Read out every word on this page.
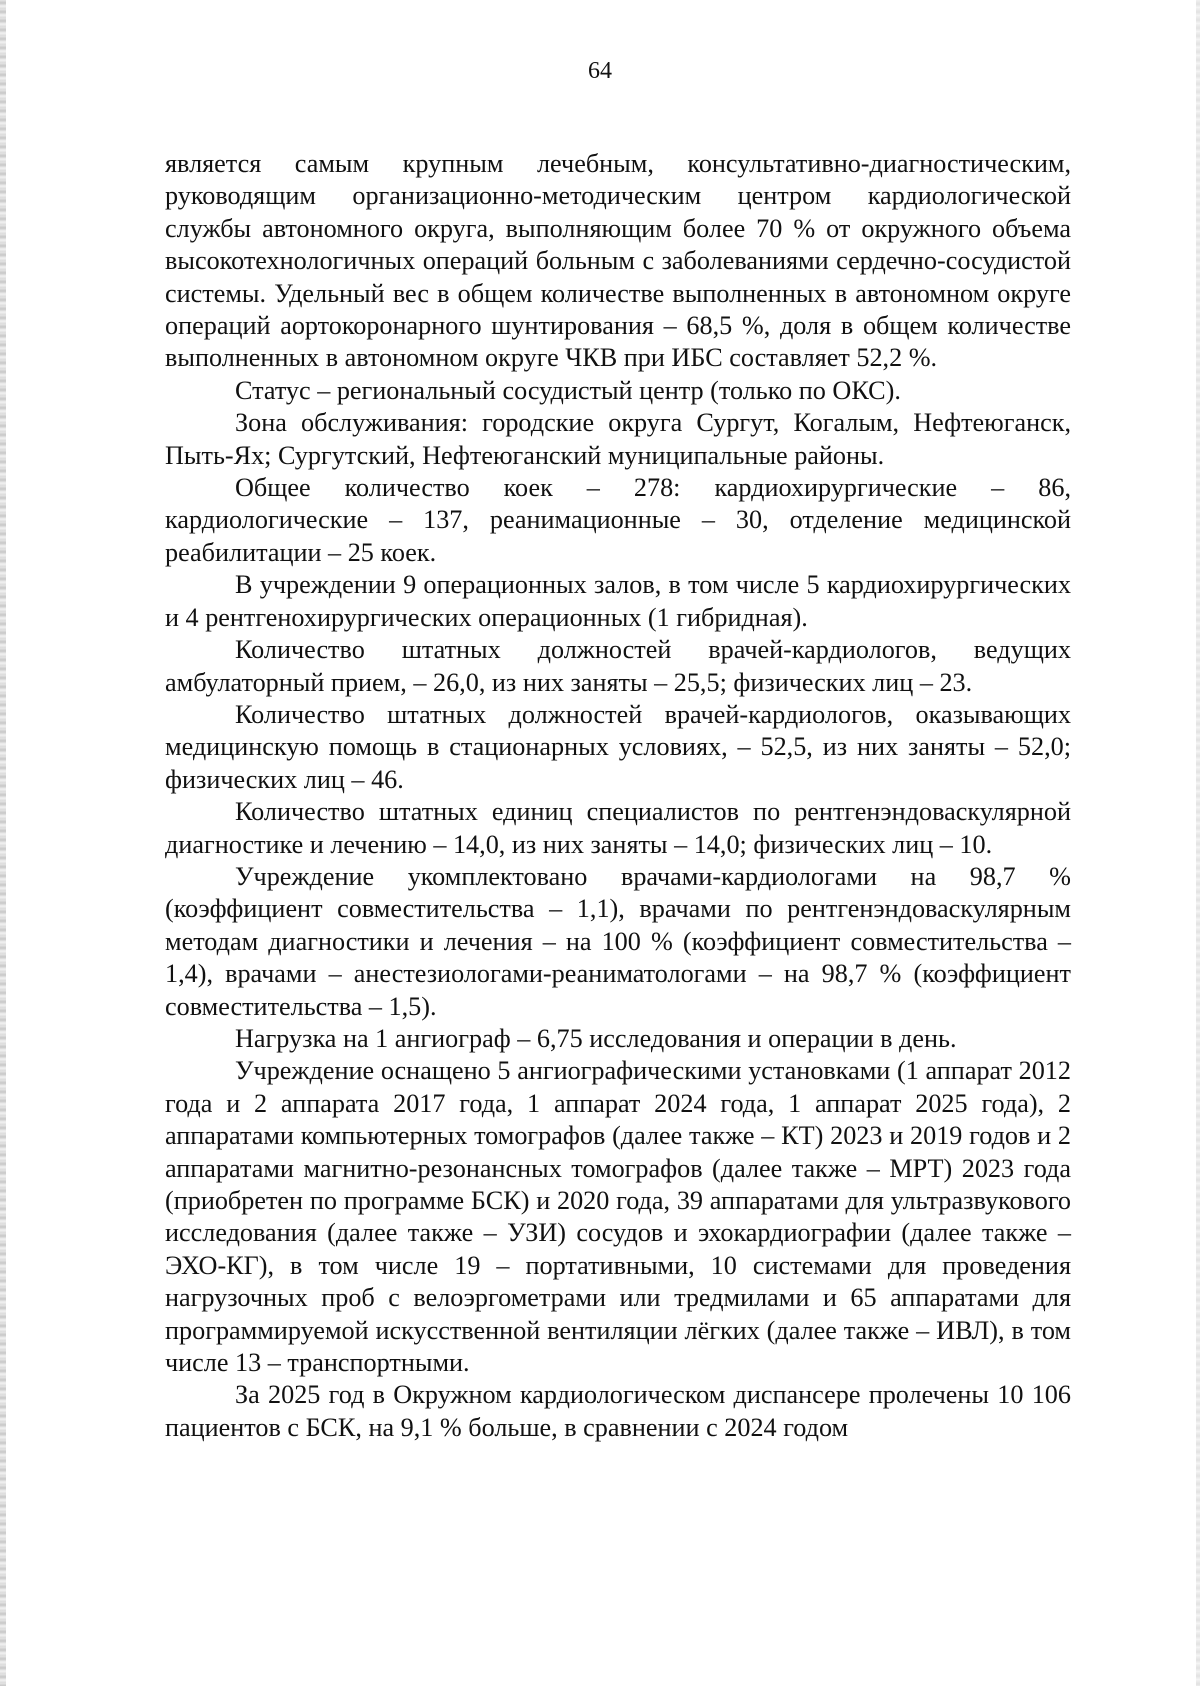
64

является самым крупным лечебным, консультативно-диагностическим, руководящим организационно-методическим центром кардиологической службы автономного округа, выполняющим более 70 % от окружного объема высокотехнологичных операций больным с заболеваниями сердечно-сосудистой системы. Удельный вес в общем количестве выполненных в автономном округе операций аортокоронарного шунтирования – 68,5 %, доля в общем количестве выполненных в автономном округе ЧКВ при ИБС составляет 52,2 %.

Статус – региональный сосудистый центр (только по ОКС).

Зона обслуживания: городские округа Сургут, Когалым, Нефтеюганск, Пыть-Ях; Сургутский, Нефтеюганский муниципальные районы.

Общее количество коек – 278: кардиохирургические – 86, кардиологические – 137, реанимационные – 30, отделение медицинской реабилитации – 25 коек.

В учреждении 9 операционных залов, в том числе 5 кардиохирургических и 4 рентгенохирургических операционных (1 гибридная).

Количество штатных должностей врачей-кардиологов, ведущих амбулаторный прием, – 26,0, из них заняты – 25,5; физических лиц – 23.

Количество штатных должностей врачей-кардиологов, оказывающих медицинскую помощь в стационарных условиях, – 52,5, из них заняты – 52,0; физических лиц – 46.

Количество штатных единиц специалистов по рентгенэндоваскулярной диагностике и лечению – 14,0, из них заняты – 14,0; физических лиц – 10.

Учреждение укомплектовано врачами-кардиологами на 98,7 % (коэффициент совместительства – 1,1), врачами по рентгенэндоваскулярным методам диагностики и лечения – на 100 % (коэффициент совместительства – 1,4), врачами – анестезиологами-реаниматологами – на 98,7 % (коэффициент совместительства – 1,5).

Нагрузка на 1 ангиограф – 6,75 исследования и операции в день.

Учреждение оснащено 5 ангиографическими установками (1 аппарат 2012 года и 2 аппарата 2017 года, 1 аппарат 2024 года, 1 аппарат 2025 года), 2 аппаратами компьютерных томографов (далее также – КТ) 2023 и 2019 годов и 2 аппаратами магнитно-резонансных томографов (далее также – МРТ) 2023 года (приобретен по программе БСК) и 2020 года, 39 аппаратами для ультразвукового исследования (далее также – УЗИ) сосудов и эхокардиографии (далее также – ЭХО-КГ), в том числе 19 – портативными, 10 системами для проведения нагрузочных проб с велоэргометрами или тредмилами и 65 аппаратами для программируемой искусственной вентиляции лёгких (далее также – ИВЛ), в том числе 13 – транспортными.

За 2025 год в Окружном кардиологическом диспансере пролечены 10 106 пациентов с БСК, на 9,1 % больше, в сравнении с 2024 годом
